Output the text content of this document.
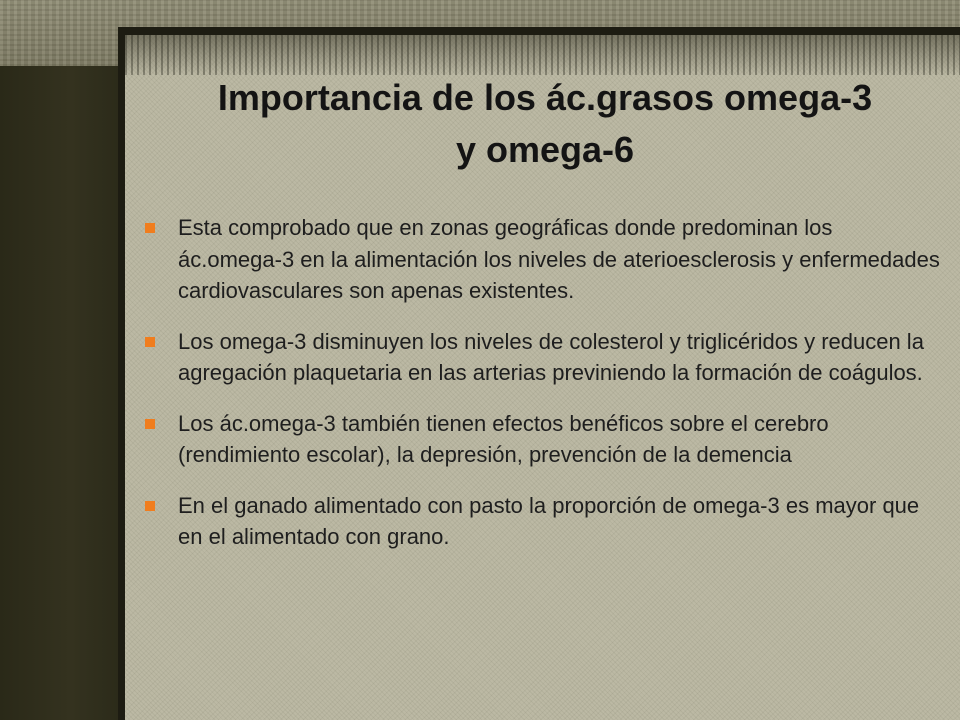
Importancia de los ác.grasos omega-3
y omega-6
Esta comprobado que en zonas geográficas donde predominan los ác.omega-3 en la alimentación los niveles de aterioesclerosis y enfermedades cardiovasculares son apenas existentes.
Los omega-3 disminuyen los niveles de colesterol y triglicéridos y reducen la agregación plaquetaria en las arterias previniendo la formación de coágulos.
Los ác.omega-3 también tienen efectos benéficos sobre el cerebro (rendimiento escolar), la depresión, prevención de la demencia
En el ganado alimentado con pasto la proporción de omega-3 es mayor que en el alimentado con grano.
